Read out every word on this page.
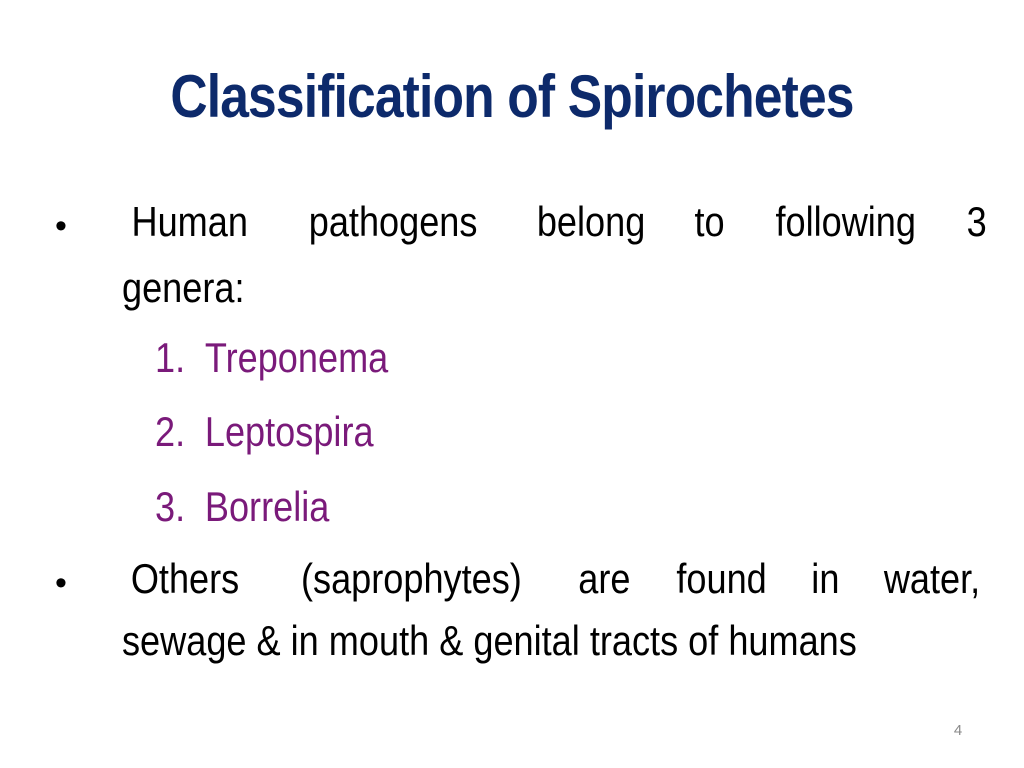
Classification of Spirochetes
• Human pathogens belong to following 3
genera:
1. Treponema
2. Leptospira
3. Borrelia
• Others (saprophytes) are found in water,
sewage & in mouth & genital tracts of humans
4
